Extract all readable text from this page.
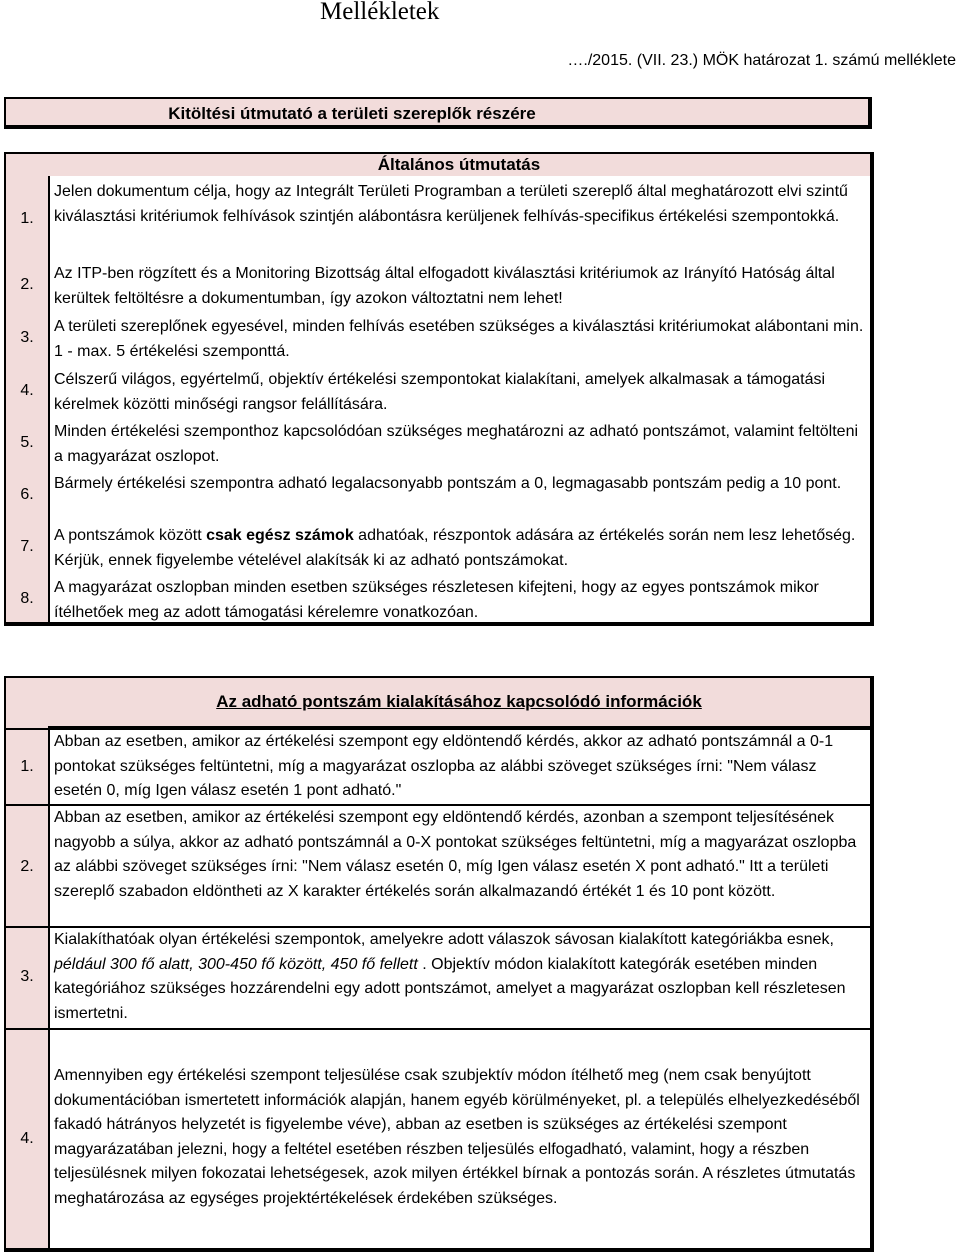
Mellékletek
…./2015. (VII. 23.) MÖK határozat 1. számú melléklete
Kitöltési útmutató a területi szereplők részére
Általános útmutatás
1.
Jelen dokumentum célja, hogy az Integrált Területi Programban a területi szereplő által meghatározott elvi szintű kiválasztási kritériumok felhívások szintjén alábontásra kerüljenek felhívás-specifikus értékelési szempontokká.
2.
Az ITP-ben rögzített és a Monitoring Bizottság által elfogadott kiválasztási kritériumok az Irányító Hatóság által kerültek feltöltésre a dokumentumban, így azokon változtatni nem lehet!
3.
A területi szereplőnek egyesével, minden felhívás esetében szükséges a kiválasztási kritériumokat alábontani min. 1 - max. 5 értékelési szemponttá.
4.
Célszerű világos, egyértelmű, objektív értékelési szempontokat kialakítani, amelyek alkalmasak a támogatási kérelmek közötti minőségi rangsor felállítására.
5.
Minden értékelési szemponthoz kapcsolódóan szükséges meghatározni az adható pontszámot, valamint feltölteni a magyarázat oszlopot.
6.
Bármely értékelési szempontra adható legalacsonyabb pontszám a 0, legmagasabb pontszám pedig a 10 pont.
7.
A pontszámok között csak egész számok adhatóak, részpontok adására az értékelés során nem lesz lehetőség. Kérjük, ennek figyelembe vételével alakítsák ki az adható pontszámokat.
8.
A magyarázat oszlopban minden esetben szükséges részletesen kifejteni, hogy az egyes pontszámok mikor ítélhetőek meg az adott támogatási kérelemre vonatkozóan.
Az adható pontszám kialakításához kapcsolódó információk
1.
Abban az esetben, amikor az értékelési szempont egy eldöntendő kérdés, akkor az adható pontszámnál a 0-1 pontokat szükséges feltüntetni, míg a magyarázat oszlopba az alábbi szöveget szükséges írni: "Nem válasz esetén 0, míg Igen válasz esetén 1 pont adható."
2.
Abban az esetben, amikor az értékelési szempont egy eldöntendő kérdés, azonban a szempont teljesítésének nagyobb a súlya, akkor az adható pontszámnál a 0-X pontokat szükséges feltüntetni, míg a magyarázat oszlopba az alábbi szöveget szükséges írni: "Nem válasz esetén 0, míg Igen válasz esetén X pont adható." Itt a területi szereplő szabadon eldöntheti az X karakter értékelés során alkalmazandó értékét 1 és 10 pont között.
3.
Kialakíthatóak olyan értékelési szempontok, amelyekre adott válaszok sávosan kialakított kategóriákba esnek, például 300 fő alatt, 300-450 fő között, 450 fő fellett . Objektív módon kialakított kategórák esetében minden kategóriához szükséges hozzárendelni egy adott pontszámot, amelyet a magyarázat oszlopban kell részletesen ismertetni.
4.
Amennyiben egy értékelési szempont teljesülése csak szubjektív módon ítélhető meg (nem csak benyújtott dokumentációban ismertetett információk alapján, hanem egyéb körülményeket, pl. a település elhelyezkedéséből fakadó hátrányos helyzetét is figyelembe véve), abban az esetben is szükséges az értékelési szempont magyarázatában jelezni, hogy a feltétel esetében részben teljesülés elfogadható, valamint, hogy a részben teljesülésnek milyen fokozatai lehetségesek, azok milyen értékkel bírnak a pontozás során. A részletes útmutatás meghatározása az egységes projektértékelések érdekében szükséges.
